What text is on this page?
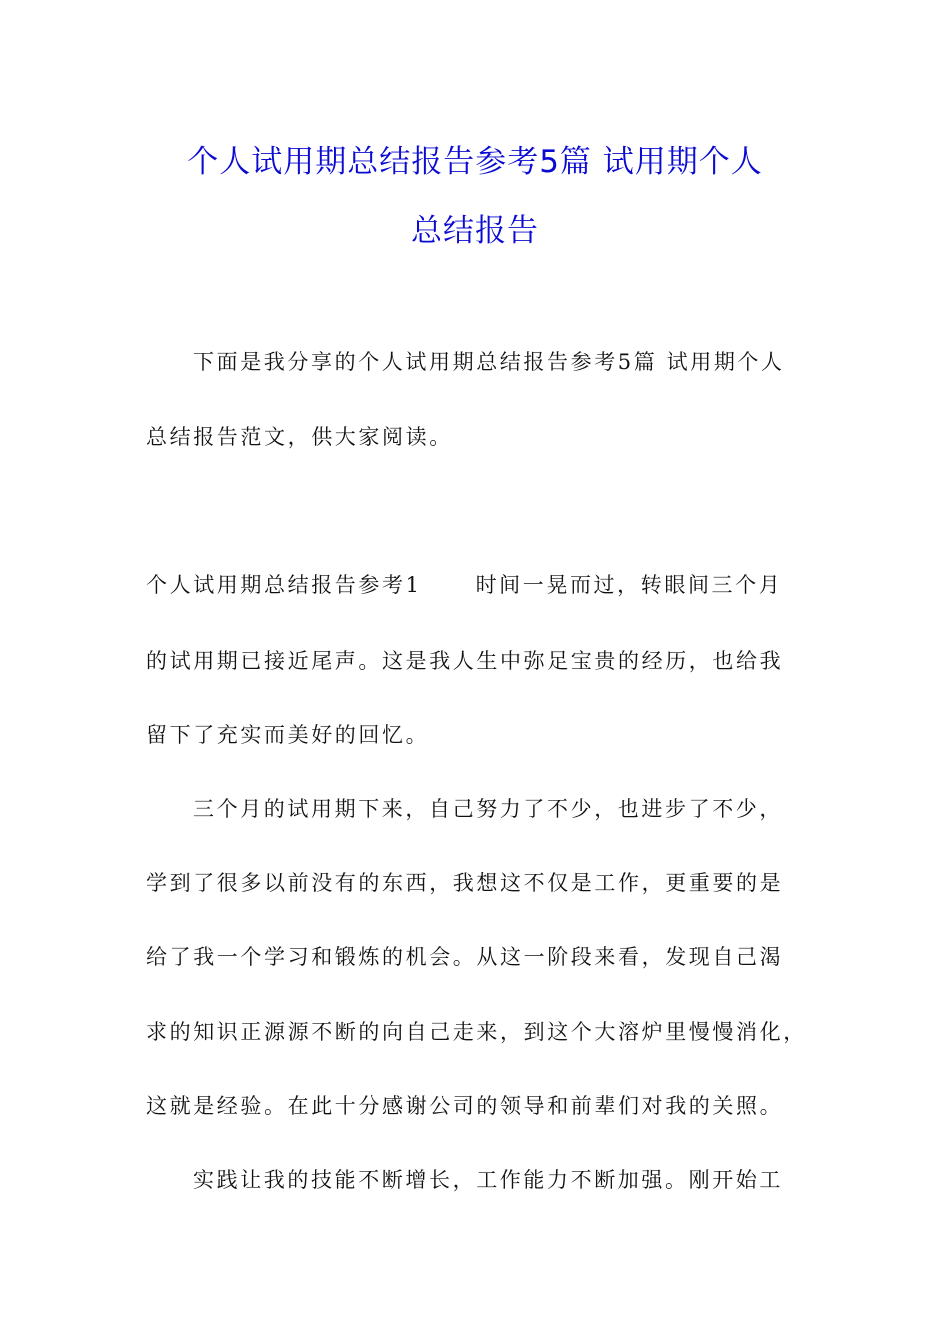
个人试用期总结报告参考5篇 试用期个人
总结报告
下面是我分享的个人试用期总结报告参考5篇 试用期个人
总结报告范文，供大家阅读。
个人试用期总结报告参考1	时间一晃而过，转眼间三个月
的试用期已接近尾声。这是我人生中弥足宝贵的经历，也给我
留下了充实而美好的回忆。
三个月的试用期下来，自己努力了不少，也进步了不少，
学到了很多以前没有的东西，我想这不仅是工作，更重要的是
给了我一个学习和锻炼的机会。从这一阶段来看，发现自己渴
求的知识正源源不断的向自己走来，到这个大溶炉里慢慢消化，
这就是经验。在此十分感谢公司的领导和前辈们对我的关照。
实践让我的技能不断增长，工作能力不断加强。刚开始工
